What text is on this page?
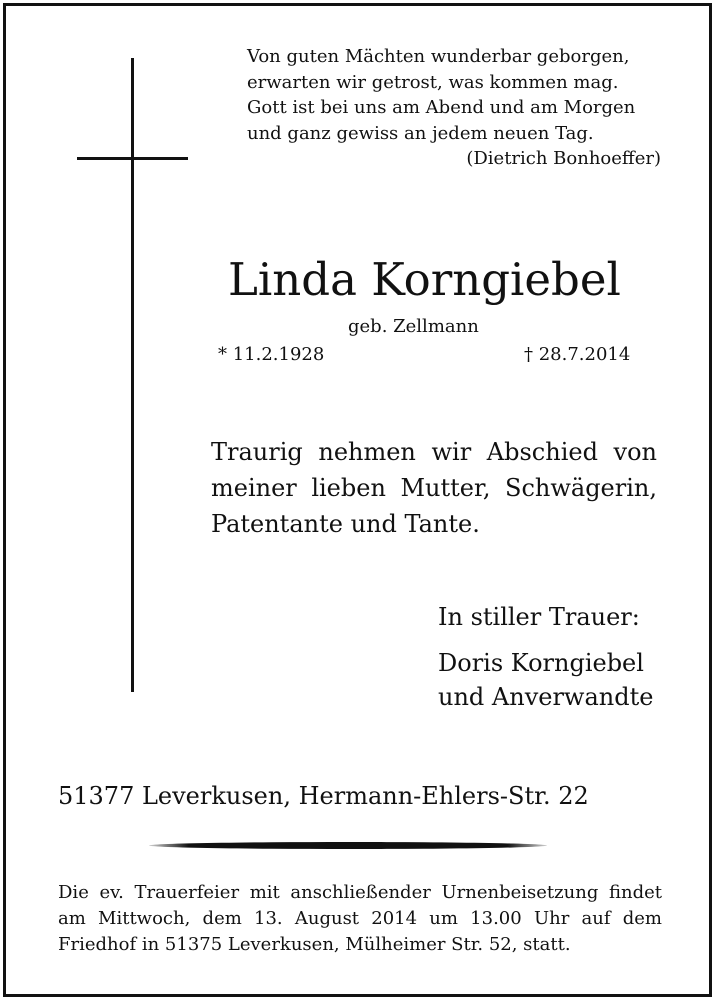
Von guten Mächten wunderbar geborgen,
erwarten wir getrost, was kommen mag.
Gott ist bei uns am Abend und am Morgen
und ganz gewiss an jedem neuen Tag.
(Dietrich Bonhoeffer)
Linda Korngiebel
geb. Zellmann
* 11.2.1928	† 28.7.2014
Traurig nehmen wir Abschied von
meiner lieben Mutter, Schwägerin,
Patentante und Tante.
In stiller Trauer:
Doris Korngiebel
und Anverwandte
51377 Leverkusen, Hermann-Ehlers-Str. 22
Die ev. Trauerfeier mit anschließender Urnenbeisetzung findet
am Mittwoch, dem 13. August 2014 um 13.00 Uhr auf dem
Friedhof in 51375 Leverkusen, Mülheimer Str. 52, statt.
